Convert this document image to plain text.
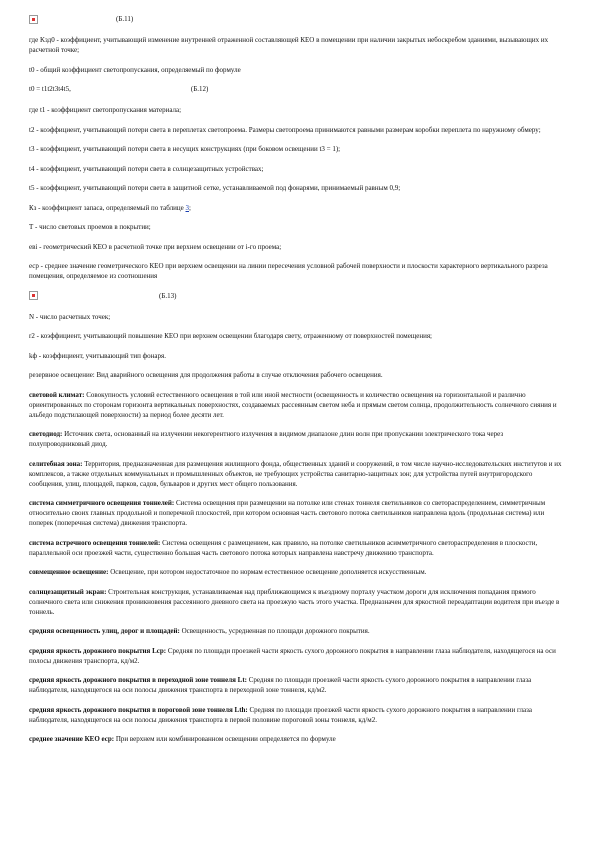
(Б.11)

где Kзд0 - коэффициент, учитывающий изменение внутренней отраженной составляющей КЕО в помещении при наличии закрытых небоскребом зданиями, вызывающих их расчетной точке;

t0 - общий коэффициент светопропускания, определяемый по формуле

t0 = t1t2t3t4t5,	(Б.12)

где t1 - коэффициент светопропускания материала;

t2 - коэффициент, учитывающий потери света в переплетах светопроема. Размеры светопроема принимаются равными размерам коробки переплета по наружному обмеру;

t3 - коэффициент, учитывающий потери света в несущих конструкциях (при боковом освещении t3 = 1);

t4 - коэффициент, учитывающий потери света в солнцезащитных устройствах;

t5 - коэффициент, учитывающий потери света в защитной сетке, устанавливаемой под фонарями, принимаемый равным 0,9;

Кз - коэффициент запаса, определяемый по таблице 3;

Т - число световых проемов в покрытии;

еві - геометрический КЕО в расчетной точке при верхнем освещении от i-го проема;

еср - среднее значение геометрического КЕО при верхнем освещении на линии пересечения условной рабочей поверхности и плоскости характерного вертикального разреза помещения, определяемое из соотношения

(Б.13)

N - число расчетных точек;

r2 - коэффициент, учитывающий повышение КЕО при верхнем освещении благодаря свету, отраженному от поверхностей помещения;

kф - коэффициент, учитывающий тип фонаря.

резервное освещение: Вид аварийного освещения для продолжения работы в случае отключения рабочего освещения.

световой климат: Совокупность условий естественного освещения в той или иной местности (освещенность и количество освещения на горизонтальной и различно ориентированных по сторонам горизонта вертикальных поверхностях, создаваемых рассеянным светом неба и прямым светом солнца, продолжительность солнечного сияния и альбедо подстилающей поверхности) за период более десяти лет.

светодиод: Источник света, основанный на излучении некогерентного излучения в видимом диапазоне длин волн при пропускании электрического тока через полупроводниковый диод.

селитебная зона: Территория, предназначенная для размещения жилищного фонда, общественных зданий и сооружений, в том числе научно-исследовательских институтов и их комплексов, а также отдельных коммунальных и промышленных объектов, не требующих устройства санитарно-защитных зон; для устройства путей внутригородского сообщения, улиц, площадей, парков, садов, бульваров и других мест общего пользования.

система симметричного освещения тоннелей: Система освещения при размещении на потолке или стенах тоннеля светильников со светораспределением, симметричным относительно своих главных продольной и поперечной плоскостей, при котором основная часть светового потока светильников направлена вдоль (продольная система) или поперек (поперечная система) движения транспорта.

система встречного освещения тоннелей: Система освещения с размещением, как правило, на потолке светильников асимметричного светораспределения в плоскости, параллельной оси проезжей части, существенно большая часть светового потока которых направлена навстречу движению транспорта.

совмещенное освещение: Освещение, при котором недостаточное по нормам естественное освещение дополняется искусственным.

солнцезащитный экран: Строительная конструкция, устанавливаемая над приближающимся к въездному порталу участком дороги для исключения попадания прямого солнечного света или снижения проникновения рассеянного дневного света на проезжую часть этого участка. Предназначен для яркостной переадаптации водителя при въезде в тоннель.

средняя освещенность улиц, дорог и площадей: Освещенность, усредненная по площади дорожного покрытия.

средняя яркость дорожного покрытия Lcp: Средняя по площади проезжей части яркость сухого дорожного покрытия в направлении глаза наблюдателя, находящегося на оси полосы движения транспорта, кд/м2.

средняя яркость дорожного покрытия в переходной зоне тоннеля Lt: Средняя по площади проезжей части яркость сухого дорожного покрытия в направлении глаза наблюдателя, находящегося на оси полосы движения транспорта в переходной зоне тоннеля, кд/м2.

средняя яркость дорожного покрытия в пороговой зоне тоннеля Lth: Средняя по площади проезжей части яркость сухого дорожного покрытия в направлении глаза наблюдателя, находящегося на оси полосы движения транспорта в первой половине пороговой зоны тоннеля, кд/м2.

среднее значение КЕО еср: При верхнем или комбинированном освещении определяется по формуле
